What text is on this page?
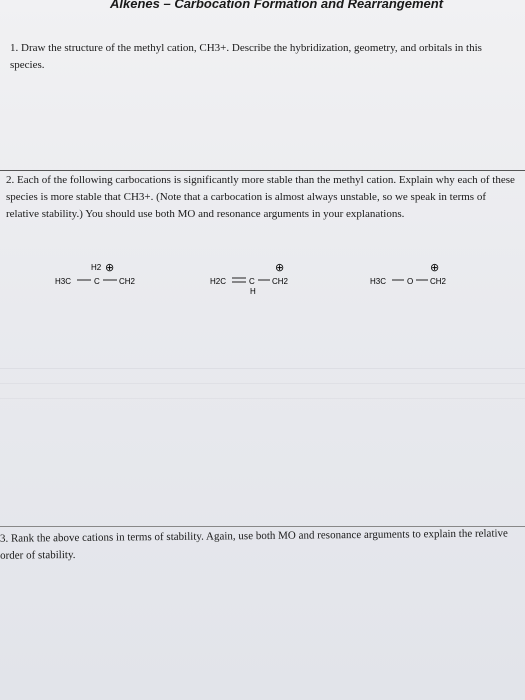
Alkenes – Carbocation Formation and Rearrangement
1. Draw the structure of the methyl cation, CH3+. Describe the hybridization, geometry, and orbitals in this species.
2. Each of the following carbocations is significantly more stable than the methyl cation. Explain why each of these species is more stable that CH3+. (Note that a carbocation is almost always unstable, so we speak in terms of relative stability.) You should use both MO and resonance arguments in your explanations.
H3C	C CH2
H2 ⊕
H2C	C CH2
H
⊕
H3C	O CH2
⊕
3. Rank the above cations in terms of stability. Again, use both MO and resonance arguments to explain the relative order of stability.
